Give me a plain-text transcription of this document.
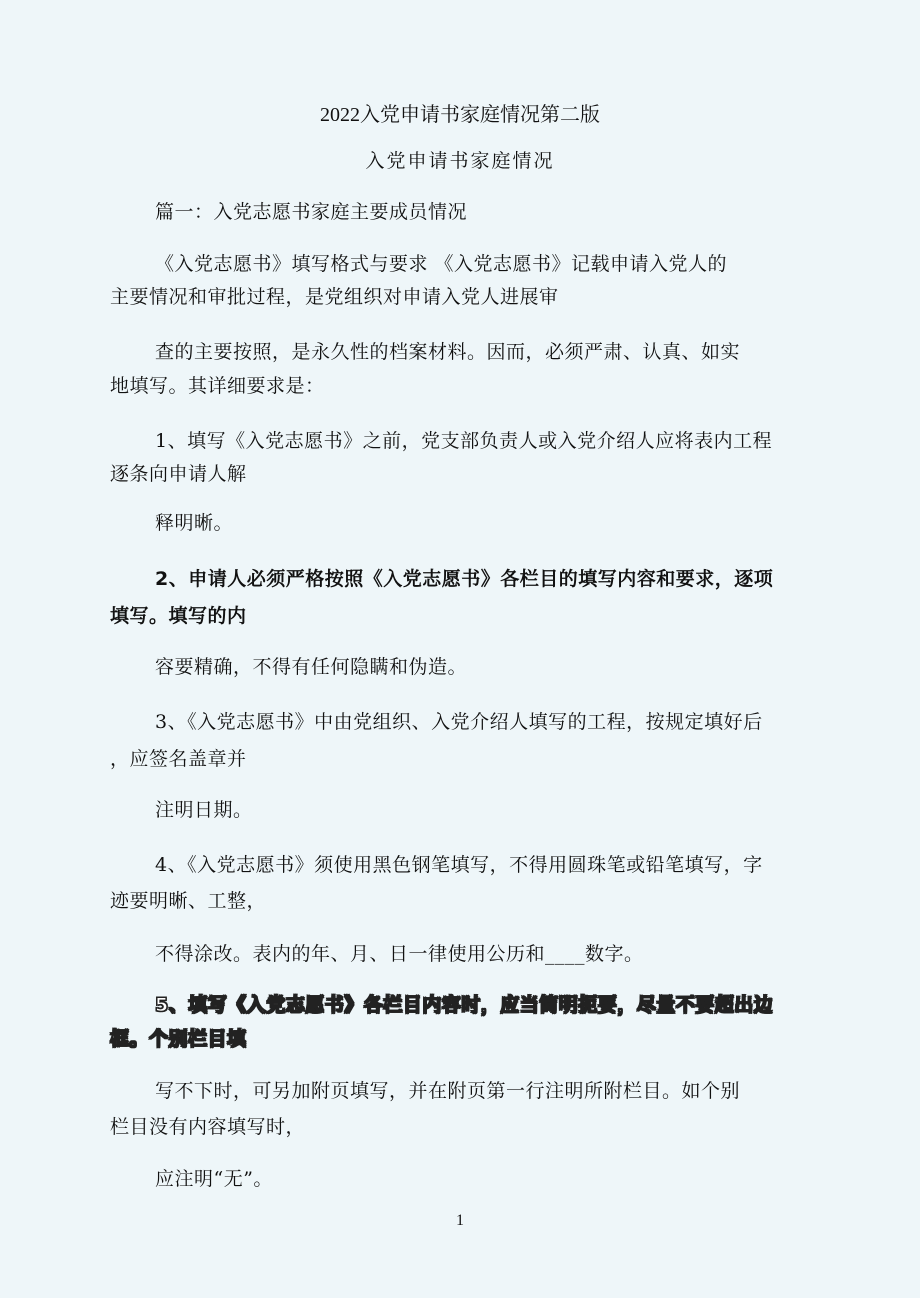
2022入党申请书家庭情况第二版
入党申请书家庭情况
篇一：入党志愿书家庭主要成员情况
《入党志愿书》填写格式与要求 《入党志愿书》记载申请入党人的
主要情况和审批过程，是党组织对申请入党人进展审
查的主要按照，是永久性的档案材料。因而，必须严肃、认真、如实
地填写。其详细要求是：
1、填写《入党志愿书》之前，党支部负责人或入党介绍人应将表内工程
逐条向申请人解
释明晰。
2、申请人必须严格按照《入党志愿书》各栏目的填写内容和要求，逐项
填写。填写的内
容要精确，不得有任何隐瞒和伪造。
3、《入党志愿书》中由党组织、入党介绍人填写的工程，按规定填好后
，应签名盖章并
注明日期。
4、《入党志愿书》须使用黑色钢笔填写，不得用圆珠笔或铅笔填写，字
迹要明晰、工整，
不得涂改。表内的年、月、日一律使用公历和____数字。
5、填写《入党志愿书》各栏目内容时，应当简明扼要，尽量不要超出边
框。个别栏目填
写不下时，可另加附页填写，并在附页第一行注明所附栏目。如个别
栏目没有内容填写时，
应注明“无”。
1
